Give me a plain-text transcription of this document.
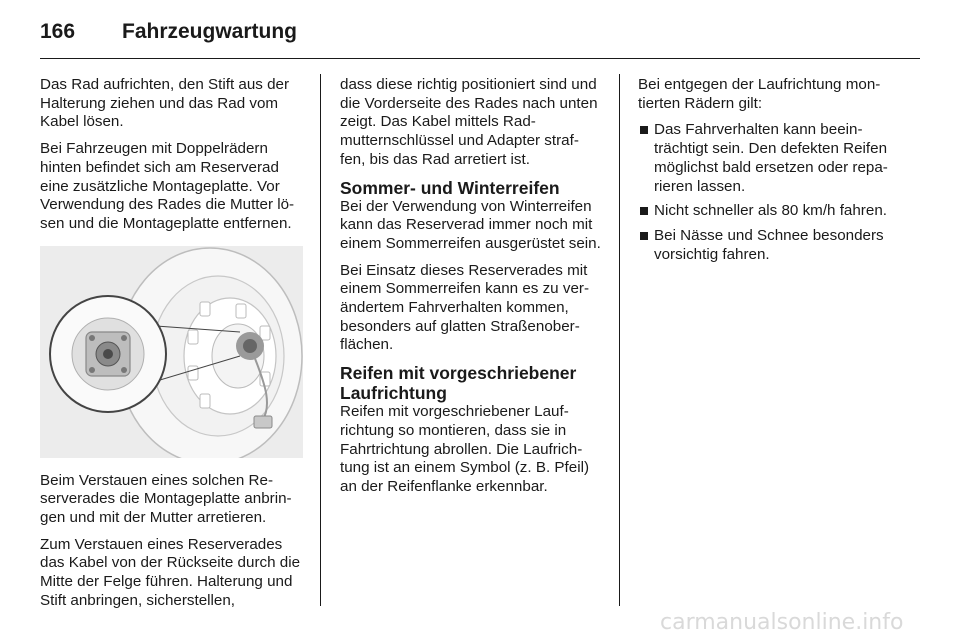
166 Fahrzeugwartung

Das Rad aufrichten, den Stift aus der Halterung ziehen und das Rad vom Kabel lösen.

Bei Fahrzeugen mit Doppelrädern hinten befindet sich am Reserverad eine zusätzliche Montageplatte. Vor Verwendung des Rades die Mutter lö-sen und die Montageplatte entfernen.

Beim Verstauen eines solchen Re-serverades die Montageplatte anbrin-gen und mit der Mutter arretieren.

Zum Verstauen eines Reserverades das Kabel von der Rückseite durch die Mitte der Felge führen. Halterung und Stift anbringen, sicherstellen,

dass diese richtig positioniert sind und die Vorderseite des Rades nach unten zeigt. Das Kabel mittels Rad-mutternschlüssel und Adapter straf-fen, bis das Rad arretiert ist.

Sommer- und Winterreifen

Bei der Verwendung von Winterreifen kann das Reserverad immer noch mit einem Sommerreifen ausgerüstet sein.

Bei Einsatz dieses Reserverades mit einem Sommerreifen kann es zu ver-ändertem Fahrverhalten kommen, besonders auf glatten Straßenober-flächen.

Reifen mit vorgeschriebener Laufrichtung

Reifen mit vorgeschriebener Lauf-richtung so montieren, dass sie in Fahrtrichtung abrollen. Die Laufrich-tung ist an einem Symbol (z. B. Pfeil) an der Reifenflanke erkennbar.

Bei entgegen der Laufrichtung mon-tierten Rädern gilt:

Das Fahrverhalten kann beein-trächtigt sein. Den defekten Reifen möglichst bald ersetzen oder repa-rieren lassen.
Nicht schneller als 80 km/h fahren.
Bei Nässe und Schnee besonders vorsichtig fahren.
carmanualsonline.info
